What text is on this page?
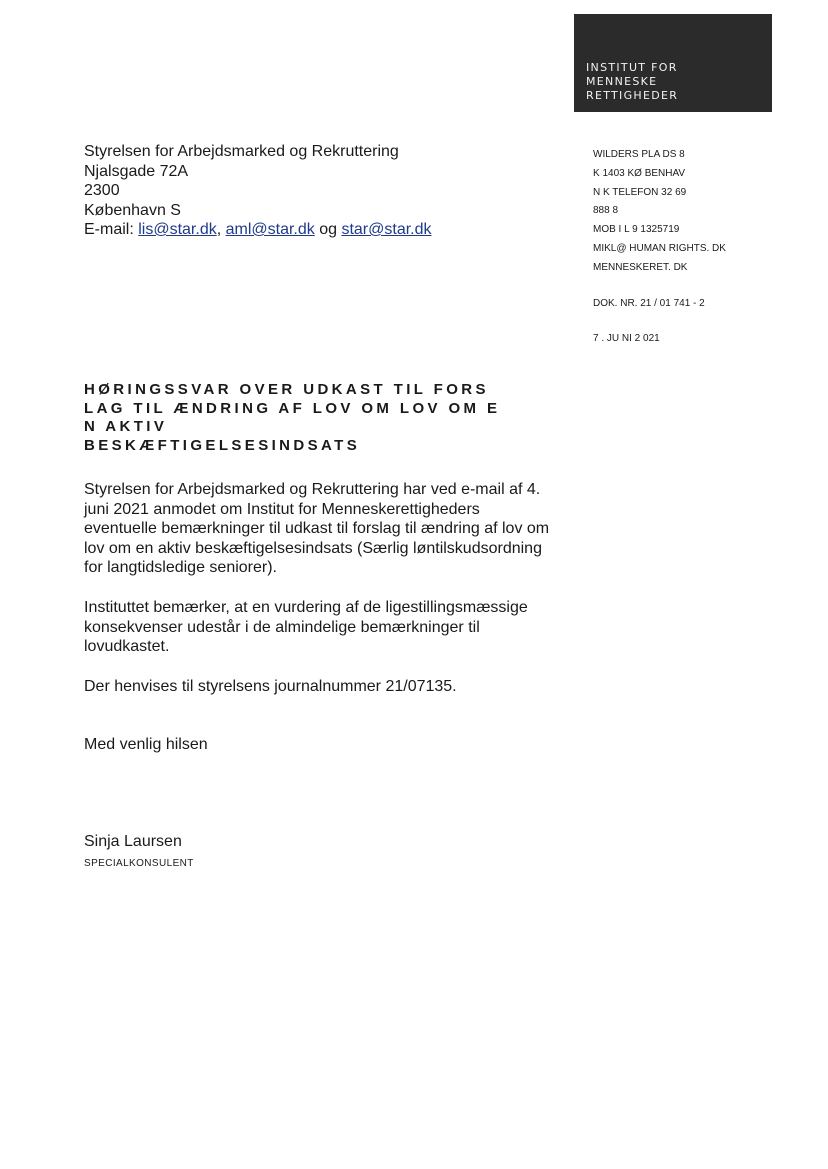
INSTITUT FOR
MENNESKE
RETTIGHEDER
Styrelsen for Arbejdsmarked og Rekruttering
Njalsgade 72A
2300
København S
E-mail: lis@star.dk, aml@star.dk og star@star.dk
WILDERS PLA DS 8
K 1403 KØ BENHAV
N K TELEFON 32 69
888 8
MOB I L 9 1325719
MIKL@ HUMAN RIGHTS. DK
MENNESKERET. DK
DOK. NR. 21 / 01 741 - 2
7 . JU NI 2 021
HØRINGSSVAR OVER UDKAST TIL FORS
LAG TIL ÆNDRING AF LOV OM LOV OM E
N AKTIV
BESKÆFTIGELSESINDSATS
Styrelsen for Arbejdsmarked og Rekruttering har ved e-mail af 4.
juni 2021 anmodet om Institut for Menneskerettigheders
eventuelle bemærkninger til udkast til forslag til ændring af lov om
lov om en aktiv beskæftigelsesindsats (Særlig løntilskudsordning
for langtidsledige seniorer).
Instituttet bemærker, at en vurdering af de ligestillingsmæssige
konsekvenser udestår i de almindelige bemærkninger til
lovudkastet.
Der henvises til styrelsens journalnummer 21/07135.
Med venlig hilsen
Sinja Laursen
SPECIALKONSULENT
